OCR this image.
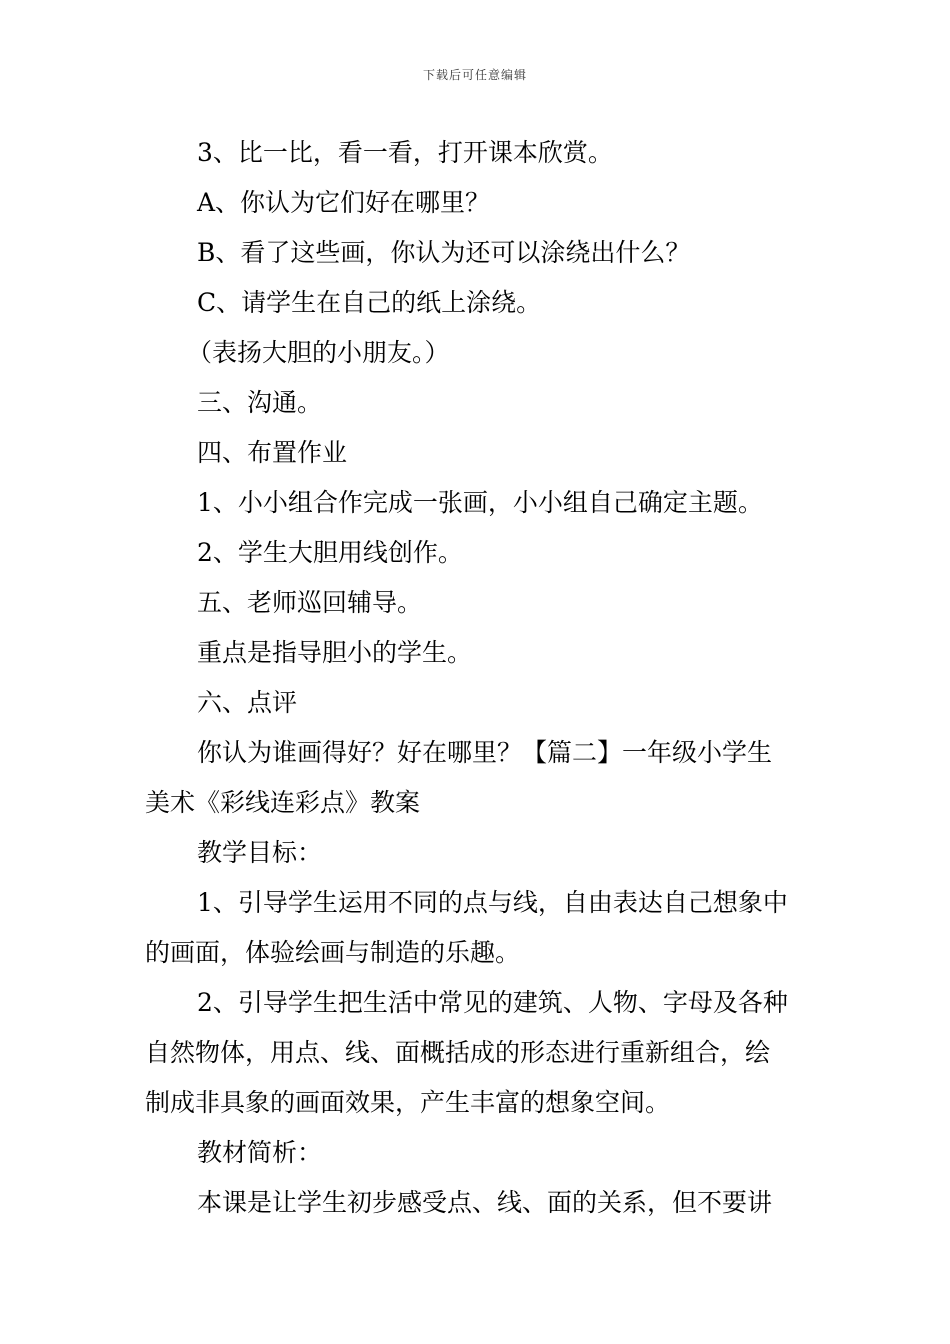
下载后可任意编辑
3、比一比，看一看，打开课本欣赏。
A、你认为它们好在哪里？
B、看了这些画，你认为还可以涂绕出什么？
C、请学生在自己的纸上涂绕。
（表扬大胆的小朋友。）
三、沟通。
四、布置作业
1、小小组合作完成一张画，小小组自己确定主题。
2、学生大胆用线创作。
五、老师巡回辅导。
重点是指导胆小的学生。
六、点评
你认为谁画得好？好在哪里？【篇二】一年级小学生
美术《彩线连彩点》教案
教学目标：
1、引导学生运用不同的点与线，自由表达自己想象中
的画面，体验绘画与制造的乐趣。
2、引导学生把生活中常见的建筑、人物、字母及各种
自然物体，用点、线、面概括成的形态进行重新组合，绘
制成非具象的画面效果，产生丰富的想象空间。
教材简析：
本课是让学生初步感受点、线、面的关系，但不要讲
